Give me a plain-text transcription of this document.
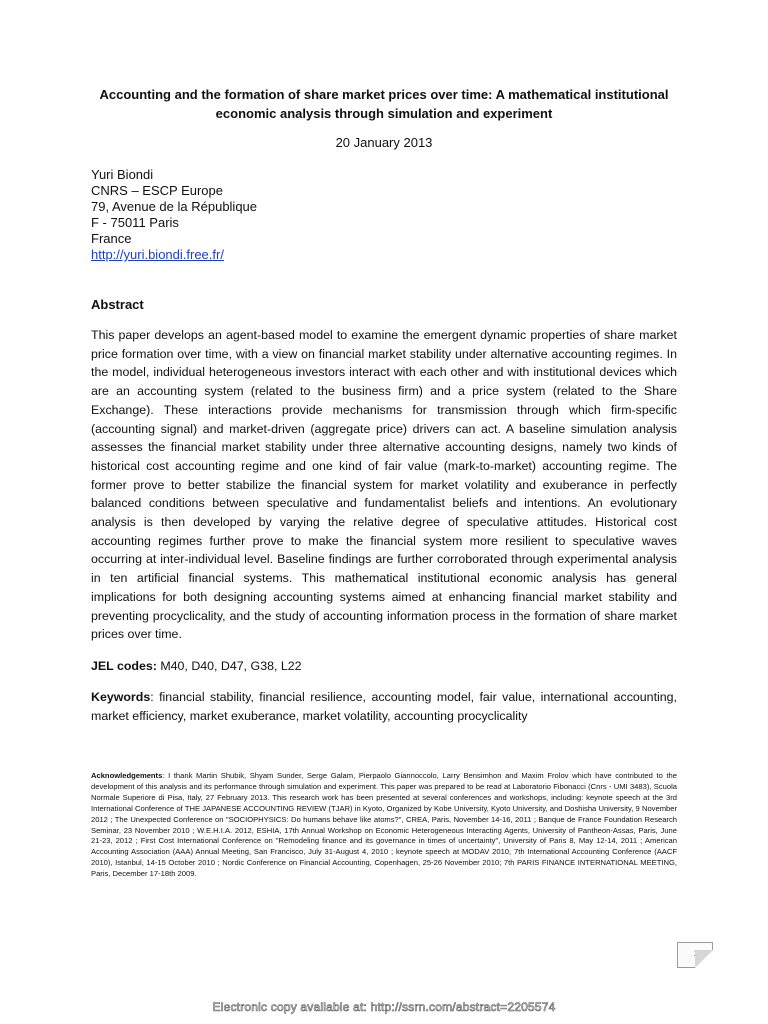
Accounting and the formation of share market prices over time: A mathematical institutional economic analysis through simulation and experiment
20 January 2013
Yuri Biondi
CNRS – ESCP Europe
79, Avenue de la République
F - 75011 Paris
France
http://yuri.biondi.free.fr/
Abstract

This paper develops an agent-based model to examine the emergent dynamic properties of share market price formation over time, with a view on financial market stability under alternative accounting regimes. In the model, individual heterogeneous investors interact with each other and with institutional devices which are an accounting system (related to the business firm) and a price system (related to the Share Exchange). These interactions provide mechanisms for transmission through which firm-specific (accounting signal) and market-driven (aggregate price) drivers can act. A baseline simulation analysis assesses the financial market stability under three alternative accounting designs, namely two kinds of historical cost accounting regime and one kind of fair value (mark-to-market) accounting regime. The former prove to better stabilize the financial system for market volatility and exuberance in perfectly balanced conditions between speculative and fundamentalist beliefs and intentions. An evolutionary analysis is then developed by varying the relative degree of speculative attitudes. Historical cost accounting regimes further prove to make the financial system more resilient to speculative waves occurring at inter-individual level. Baseline findings are further corroborated through experimental analysis in ten artificial financial systems. This mathematical institutional economic analysis has general implications for both designing accounting systems aimed at enhancing financial market stability and preventing procyclicality, and the study of accounting information process in the formation of share market prices over time.

JEL codes: M40, D40, D47, G38, L22

Keywords: financial stability, financial resilience, accounting model, fair value, international accounting, market efficiency, market exuberance, market volatility, accounting procyclicality

Acknowledgements: I thank Martin Shubik, Shyam Sunder, Serge Galam, Pierpaolo Giannoccolo, Larry Bensimhon and Maxim Frolov which have contributed to the development of this analysis and its performance through simulation and experiment. This paper was prepared to be read at Laboratorio Fibonacci (Cnrs - UMI 3483), Scuola Normale Superiore di Pisa, Italy, 27 February 2013. This research work has been presented at several conferences and workshops, including: keynote speech at the 3rd International Conference of THE JAPANESE ACCOUNTING REVIEW (TJAR) in Kyoto, Organized by Kobe University, Kyoto University, and Doshisha University, 9 November 2012 ; The Unexpected Conference on "SOCIOPHYSICS: Do humans behave like atoms?", CREA, Paris, November 14-16, 2011 ; Banque de France Foundation Research Seminar, 23 November 2010 ; W.E.H.I.A. 2012, ESHIA, 17th Annual Workshop on Economic Heterogeneous Interacting Agents, University of Pantheon-Assas, Paris, June 21-23, 2012 ; First Cost International Conference on "Remodeling finance and its governance in times of uncertainty", University of Paris 8, May 12-14, 2011 ; American Accounting Association (AAA) Annual Meeting, San Francisco, July 31-August 4, 2010 ; keynote speech at MODAV 2010, 7th International Accounting Conference (AACF 2010), Istanbul, 14-15 October 2010 ; Nordic Conference on Financial Accounting, Copenhagen, 25-26 November 2010; 7th PARIS FINANCE INTERNATIONAL MEETING, Paris, December 17-18th 2009.

1
Electronic copy available at: http://ssrn.com/abstract=2205574
